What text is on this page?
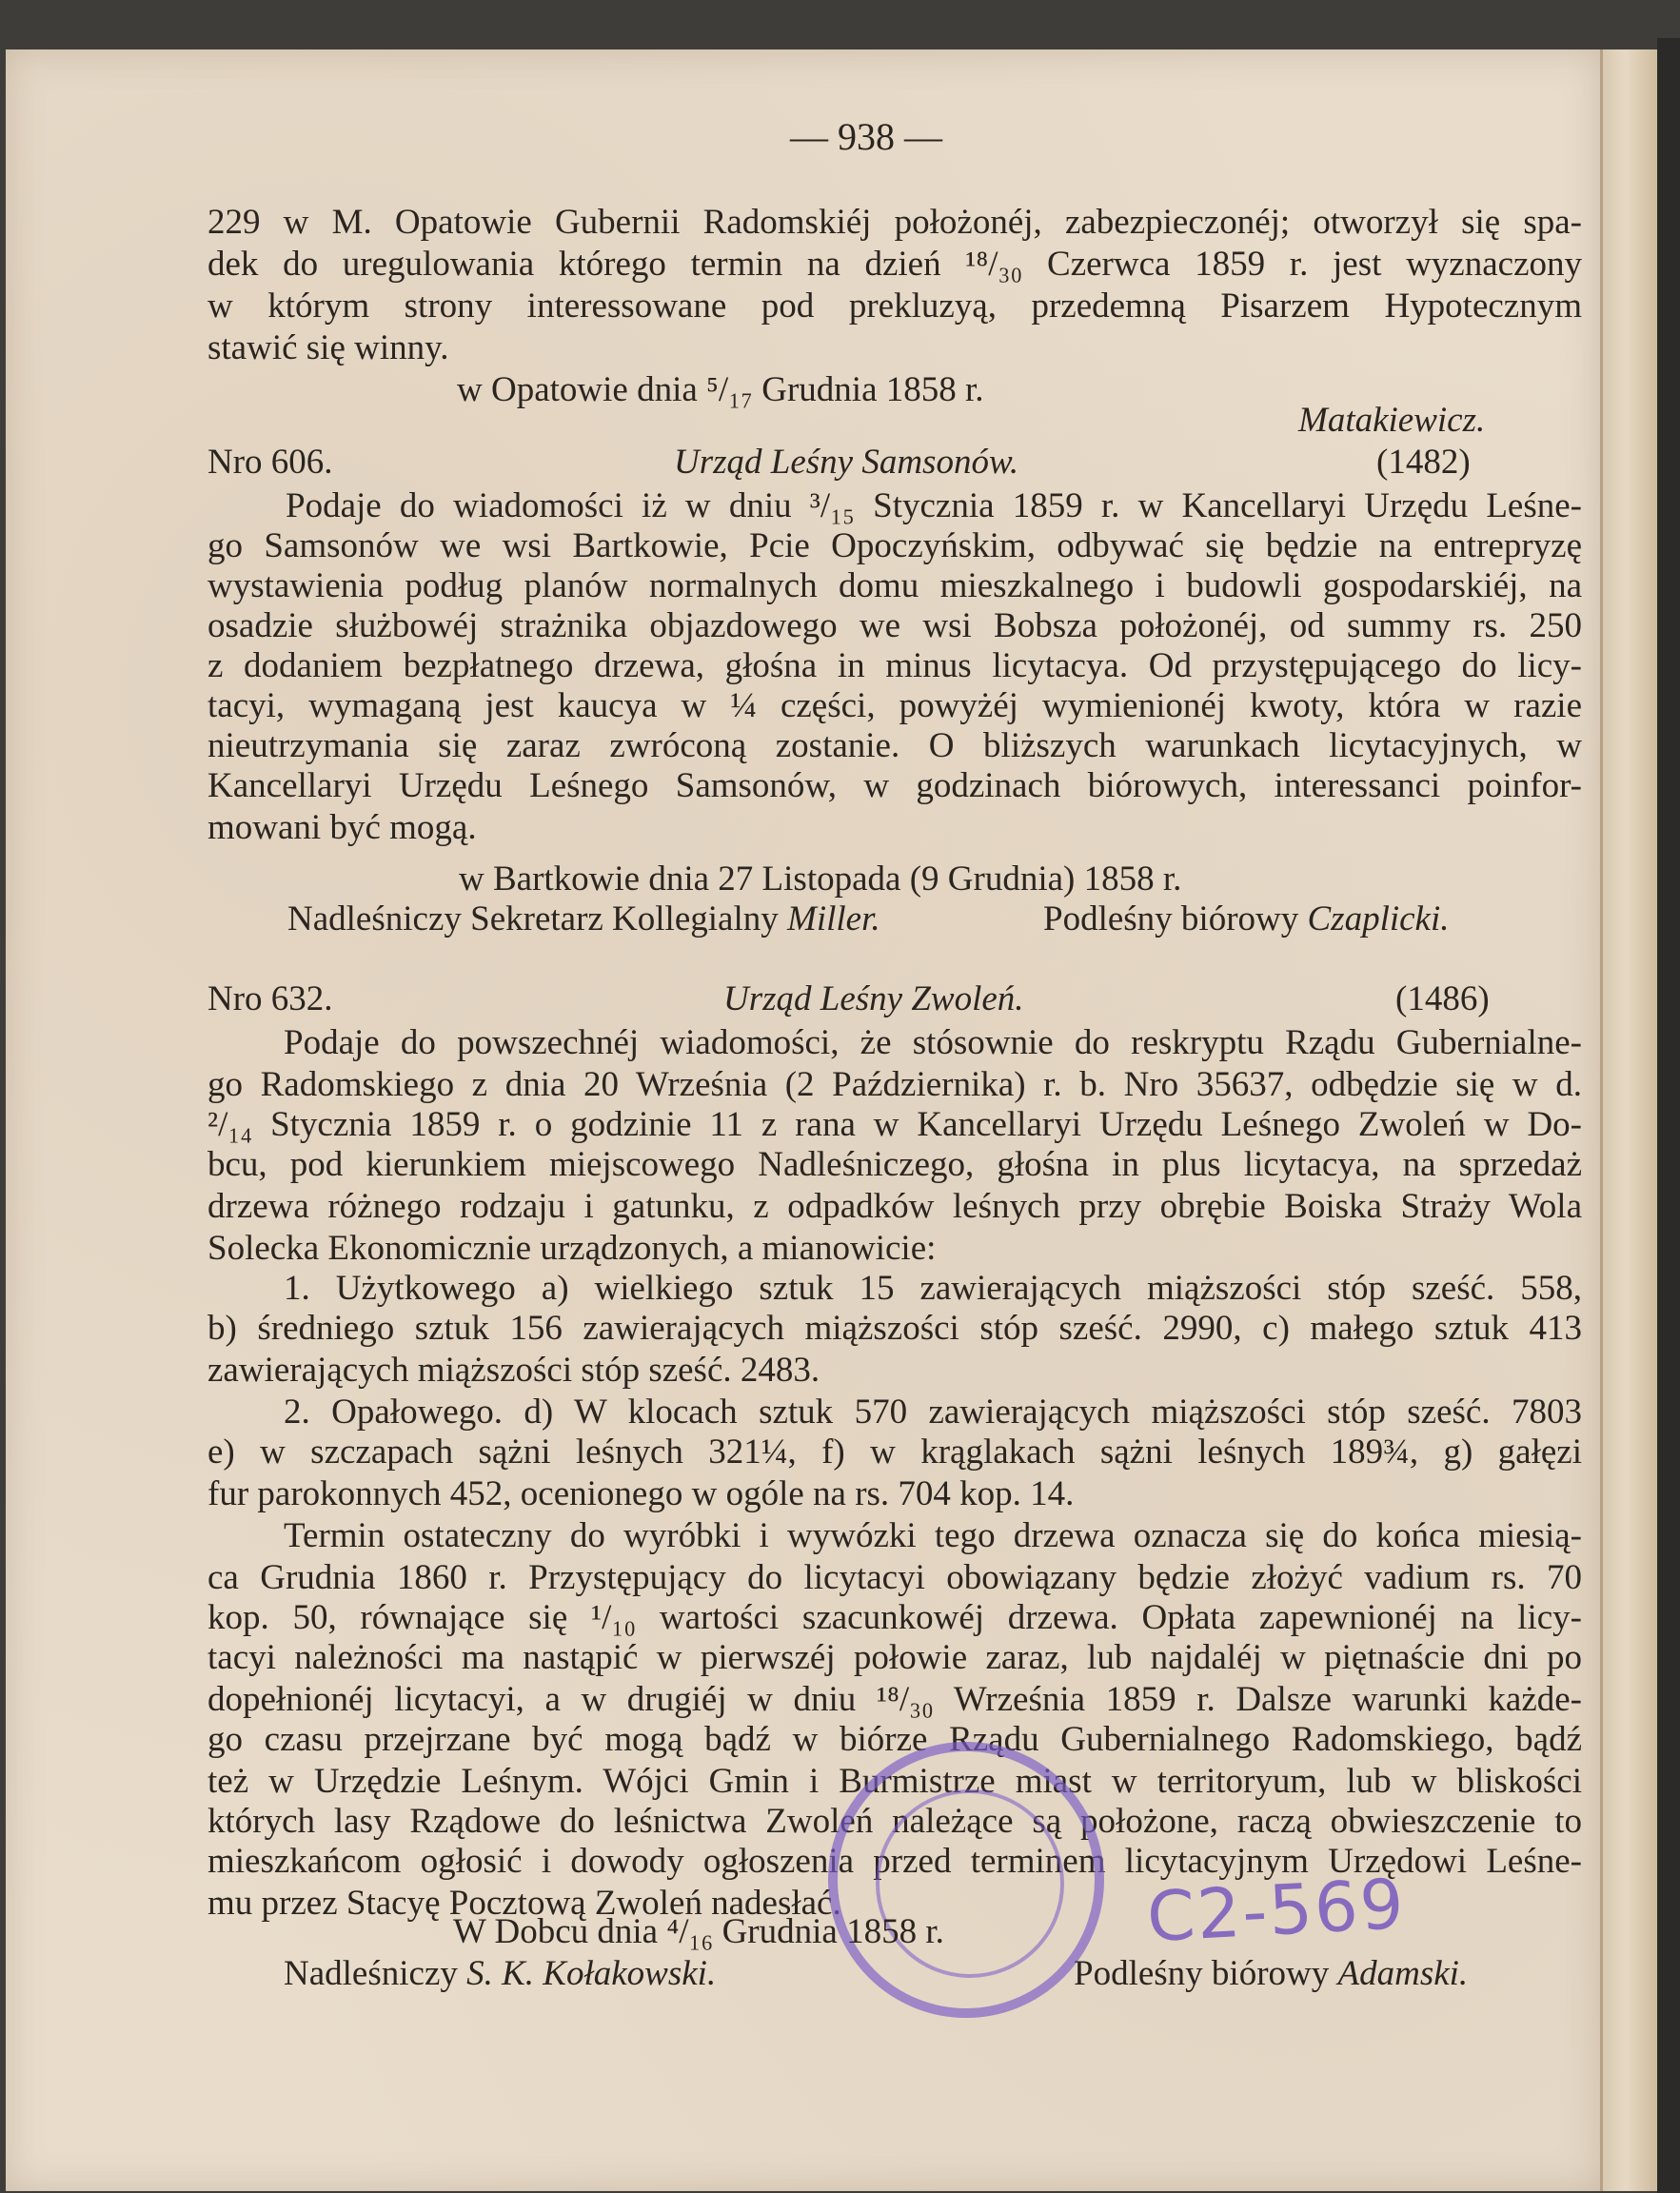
— 938 —
229 w M. Opatowie Gubernii Radomskiéj położonéj, zabezpieczonéj; otworzył się spa-
dek do uregulowania którego termin na dzień ¹⁸/₃₀ Czerwca 1859 r. jest wyznaczony
w którym strony interessowane pod prekluzyą, przedemną Pisarzem Hypotecznym
stawić się winny.
w Opatowie dnia ⁵/₁₇ Grudnia 1858 r.
Matakiewicz.
Nro 606.	Urząd Leśny Samsonów.	(1482)
Podaje do wiadomości iż w dniu ³/₁₅ Stycznia 1859 r. w Kancellaryi Urzędu Leśne-
go Samsonów we wsi Bartkowie, Pcie Opoczyńskim, odbywać się będzie na entrepryzę
wystawienia podług planów normalnych domu mieszkalnego i budowli gospodarskiéj, na
osadzie służbowéj strażnika objazdowego we wsi Bobsza położonéj, od summy rs. 250
z dodaniem bezpłatnego drzewa, głośna in minus licytacya. Od przystępującego do licy-
tacyi, wymaganą jest kaucya w ¼ części, powyżéj wymienionéj kwoty, która w razie
nieutrzymania się zaraz zwróconą zostanie. O bliższych warunkach licytacyjnych, w
Kancellaryi Urzędu Leśnego Samsonów, w godzinach biórowych, interessanci poinfor-
mowani być mogą.
w Bartkowie dnia 27 Listopada (9 Grudnia) 1858 r.
Nadleśniczy Sekretarz Kollegialny Miller.	Podleśny biórowy Czaplicki.
Nro 632.	Urząd Leśny Zwoleń.	(1486)
Podaje do powszechnéj wiadomości, że stósownie do reskryptu Rządu Gubernialne-
go Radomskiego z dnia 20 Września (2 Października) r. b. Nro 35637, odbędzie się w d.
²/₁₄ Stycznia 1859 r. o godzinie 11 z rana w Kancellaryi Urzędu Leśnego Zwoleń w Do-
bcu, pod kierunkiem miejscowego Nadleśniczego, głośna in plus licytacya, na sprzedaż
drzewa różnego rodzaju i gatunku, z odpadków leśnych przy obrębie Boiska Straży Wola
Solecka Ekonomicznie urządzonych, a mianowicie:
1. Użytkowego a) wielkiego sztuk 15 zawierających miąższości stóp sześć. 558,
b) średniego sztuk 156 zawierających miąższości stóp sześć. 2990, c) małego sztuk 413
zawierających miąższości stóp sześć. 2483.
2. Opałowego. d) W klocach sztuk 570 zawierających miąższości stóp sześć. 7803
e) w szczapach sążni leśnych 321¼, f) w krąglakach sążni leśnych 189¾, g) gałęzi
fur parokonnych 452, ocenionego w ogóle na rs. 704 kop. 14.
Termin ostateczny do wyróbki i wywózki tego drzewa oznacza się do końca miesią-
ca Grudnia 1860 r. Przystępujący do licytacyi obowiązany będzie złożyć vadium rs. 70
kop. 50, równające się ¹/₁₀ wartości szacunkowéj drzewa. Opłata zapewnionéj na licy-
tacyi należności ma nastąpić w pierwszéj połowie zaraz, lub najdaléj w piętnaście dni po
dopełnionéj licytacyi, a w drugiéj w dniu ¹⁸/₃₀ Września 1859 r. Dalsze warunki każde-
go czasu przejrzane być mogą bądź w biórze Rządu Gubernialnego Radomskiego, bądź
też w Urzędzie Leśnym. Wójci Gmin i Burmistrze miast w territoryum, lub w bliskości
których lasy Rządowe do leśnictwa Zwoleń należące są położone, raczą obwieszczenie to
mieszkańcom ogłosić i dowody ogłoszenia przed terminem licytacyjnym Urzędowi Leśne-
mu przez Stacyę Pocztową Zwoleń nadesłać.	C2-569
W Dobcu dnia ⁴/₁₆ Grudnia 1858 r.
Nadleśniczy S. K. Kołakowski.	Podleśny biórowy Adamski.
